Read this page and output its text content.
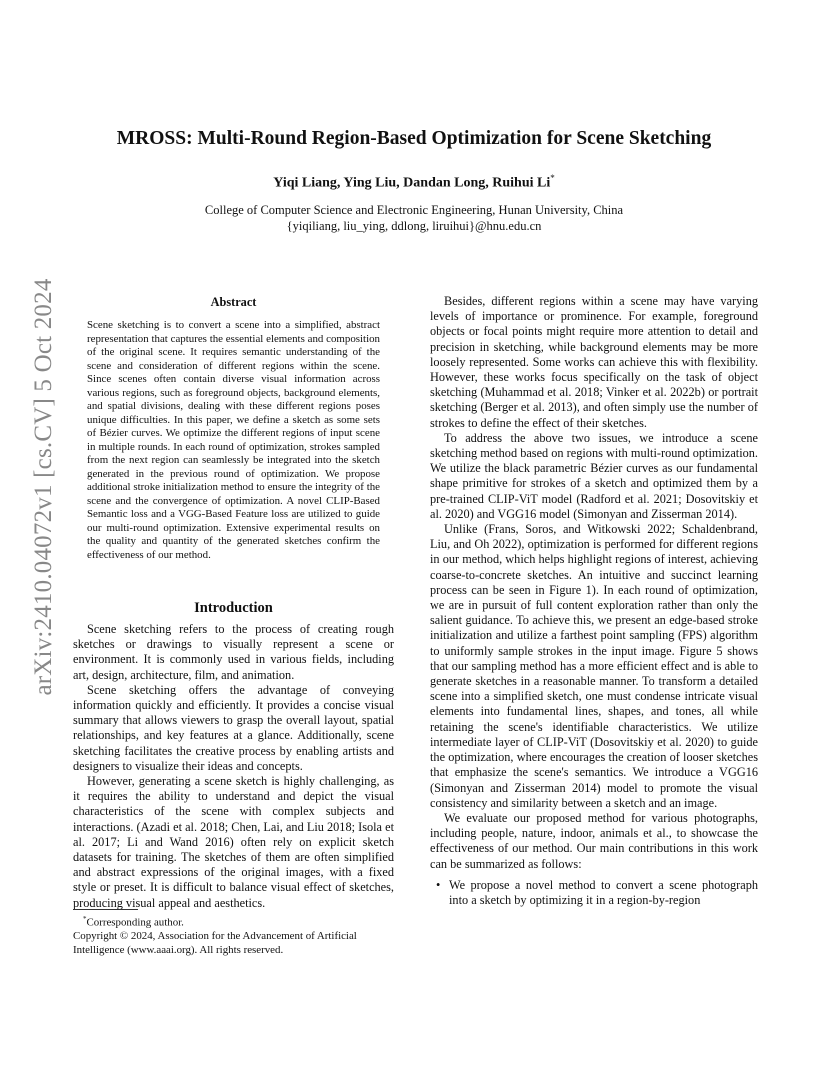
arXiv:2410.04072v1 [cs.CV] 5 Oct 2024
MROSS: Multi-Round Region-Based Optimization for Scene Sketching
Yiqi Liang, Ying Liu, Dandan Long, Ruihui Li*
College of Computer Science and Electronic Engineering, Hunan University, China
{yiqiliang, liu_ying, ddlong, liruihui}@hnu.edu.cn
Abstract

Scene sketching is to convert a scene into a simplified, abstract representation that captures the essential elements and composition of the original scene. It requires semantic understanding of the scene and consideration of different regions within the scene. Since scenes often contain diverse visual information across various regions, such as foreground objects, background elements, and spatial divisions, dealing with these different regions poses unique difficulties. In this paper, we define a sketch as some sets of Bézier curves. We optimize the different regions of input scene in multiple rounds. In each round of optimization, strokes sampled from the next region can seamlessly be integrated into the sketch generated in the previous round of optimization. We propose additional stroke initialization method to ensure the integrity of the scene and the convergence of optimization. A novel CLIP-Based Semantic loss and a VGG-Based Feature loss are utilized to guide our multi-round optimization. Extensive experimental results on the quality and quantity of the generated sketches confirm the effectiveness of our method.

Introduction

Scene sketching refers to the process of creating rough sketches or drawings to visually represent a scene or environment. It is commonly used in various fields, including art, design, architecture, film, and animation.

Scene sketching offers the advantage of conveying information quickly and efficiently. It provides a concise visual summary that allows viewers to grasp the overall layout, spatial relationships, and key features at a glance. Additionally, scene sketching facilitates the creative process by enabling artists and designers to visualize their ideas and concepts.

However, generating a scene sketch is highly challenging, as it requires the ability to understand and depict the visual characteristics of the scene with complex subjects and interactions. (Azadi et al. 2018; Chen, Lai, and Liu 2018; Isola et al. 2017; Li and Wand 2016) often rely on explicit sketch datasets for training. The sketches of them are often simplified and abstract expressions of the original images, with a fixed style or preset. It is difficult to balance visual effect of sketches, producing visual appeal and aesthetics.

*Corresponding author.
Copyright © 2024, Association for the Advancement of Artificial Intelligence (www.aaai.org). All rights reserved.

Besides, different regions within a scene may have varying levels of importance or prominence. For example, foreground objects or focal points might require more attention to detail and precision in sketching, while background elements may be more loosely represented. Some works can achieve this with flexibility. However, these works focus specifically on the task of object sketching (Muhammad et al. 2018; Vinker et al. 2022b) or portrait sketching (Berger et al. 2013), and often simply use the number of strokes to define the effect of their sketches.

To address the above two issues, we introduce a scene sketching method based on regions with multi-round optimization. We utilize the black parametric Bézier curves as our fundamental shape primitive for strokes of a sketch and optimized them by a pre-trained CLIP-ViT model (Radford et al. 2021; Dosovitskiy et al. 2020) and VGG16 model (Simonyan and Zisserman 2014).

Unlike (Frans, Soros, and Witkowski 2022; Schaldenbrand, Liu, and Oh 2022), optimization is performed for different regions in our method, which helps highlight regions of interest, achieving coarse-to-concrete sketches. An intuitive and succinct learning process can be seen in Figure 1). In each round of optimization, we are in pursuit of full content exploration rather than only the salient guidance. To achieve this, we present an edge-based stroke initialization and utilize a farthest point sampling (FPS) algorithm to uniformly sample strokes in the input image. Figure 5 shows that our sampling method has a more efficient effect and is able to generate sketches in a reasonable manner. To transform a detailed scene into a simplified sketch, one must condense intricate visual elements into fundamental lines, shapes, and tones, all while retaining the scene's identifiable characteristics. We utilize intermediate layer of CLIP-ViT (Dosovitskiy et al. 2020) to guide the optimization, where encourages the creation of looser sketches that emphasize the scene's semantics. We introduce a VGG16 (Simonyan and Zisserman 2014) model to promote the visual consistency and similarity between a sketch and an image.

We evaluate our proposed method for various photographs, including people, nature, indoor, animals et al., to showcase the effectiveness of our method. Our main contributions in this work can be summarized as follows:

• We propose a novel method to convert a scene photograph into a sketch by optimizing it in a region-by-region
